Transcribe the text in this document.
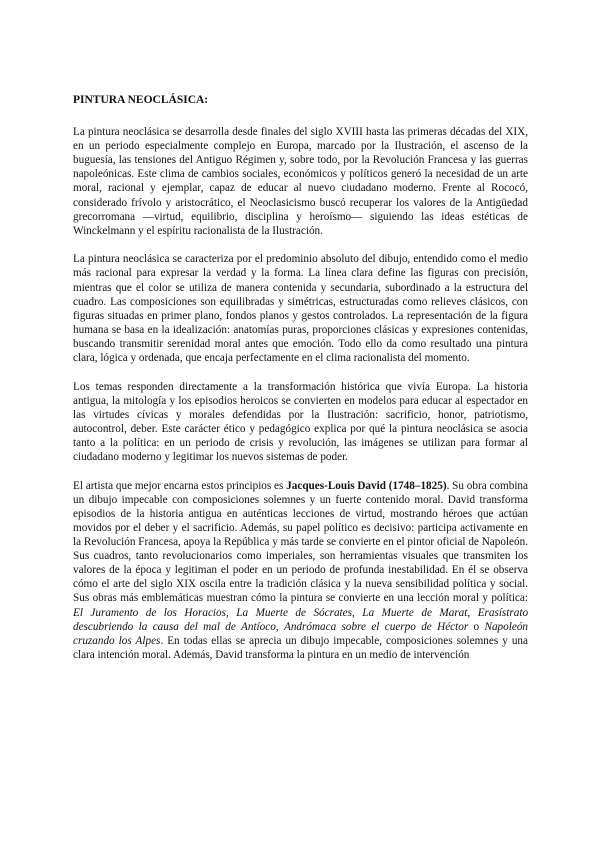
PINTURA NEOCLÁSICA:

La pintura neoclásica se desarrolla desde finales del siglo XVIII hasta las primeras décadas del XIX, en un periodo especialmente complejo en Europa, marcado por la Ilustración, el ascenso de la buguesía, las tensiones del Antiguo Régimen y, sobre todo, por la Revolución Francesa y las guerras napoleónicas. Este clima de cambios sociales, económicos y políticos generó la necesidad de un arte moral, racional y ejemplar, capaz de educar al nuevo ciudadano moderno. Frente al Rococó, considerado frívolo y aristocrático, el Neoclasicismo buscó recuperar los valores de la Antigüedad grecorromana —virtud, equilibrio, disciplina y heroísmo— siguiendo las ideas estéticas de Winckelmann y el espíritu racionalista de la Ilustración.

La pintura neoclásica se caracteriza por el predominio absoluto del dibujo, entendido como el medio más racional para expresar la verdad y la forma. La línea clara define las figuras con precisión, mientras que el color se utiliza de manera contenida y secundaria, subordinado a la estructura del cuadro. Las composiciones son equilibradas y simétricas, estructuradas como relieves clásicos, con figuras situadas en primer plano, fondos planos y gestos controlados. La representación de la figura humana se basa en la idealización: anatomías puras, proporciones clásicas y expresiones contenidas, buscando transmitir serenidad moral antes que emoción. Todo ello da como resultado una pintura clara, lógica y ordenada, que encaja perfectamente en el clima racionalista del momento.

Los temas responden directamente a la transformación histórica que vivía Europa. La historia antigua, la mitología y los episodios heroicos se convierten en modelos para educar al espectador en las virtudes cívicas y morales defendidas por la Ilustración: sacrificio, honor, patriotismo, autocontrol, deber. Este carácter ético y pedagógico explica por qué la pintura neoclásica se asocia tanto a la política: en un periodo de crisis y revolución, las imágenes se utilizan para formar al ciudadano moderno y legitimar los nuevos sistemas de poder.

El artista que mejor encarna estos principios es Jacques-Louis David (1748–1825). Su obra combina un dibujo impecable con composiciones solemnes y un fuerte contenido moral. David transforma episodios de la historia antigua en auténticas lecciones de virtud, mostrando héroes que actúan movidos por el deber y el sacrificio. Además, su papel político es decisivo: participa activamente en la Revolución Francesa, apoya la República y más tarde se convierte en el pintor oficial de Napoleón. Sus cuadros, tanto revolucionarios como imperiales, son herramientas visuales que transmiten los valores de la época y legitiman el poder en un periodo de profunda inestabilidad. En él se observa cómo el arte del siglo XIX oscila entre la tradición clásica y la nueva sensibilidad política y social. Sus obras más emblemáticas muestran cómo la pintura se convierte en una lección moral y política: El Juramento de los Horacios, La Muerte de Sócrates, La Muerte de Marat, Erasístrato descubriendo la causa del mal de Antíoco, Andrómaca sobre el cuerpo de Héctor o Napoleón cruzando los Alpes. En todas ellas se aprecia un dibujo impecable, composiciones solemnes y una clara intención moral. Además, David transforma la pintura en un medio de intervención
